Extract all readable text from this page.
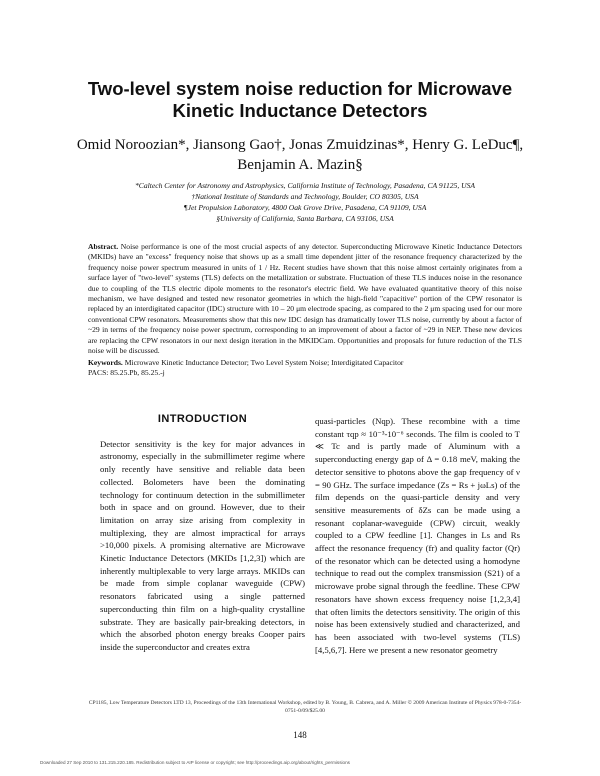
Two-level system noise reduction for Microwave Kinetic Inductance Detectors
Omid Noroozian*, Jiansong Gao†, Jonas Zmuidzinas*, Henry G. LeDuc¶, Benjamin A. Mazin§
*Caltech Center for Astronomy and Astrophysics, California Institute of Technology, Pasadena, CA 91125, USA
†National Institute of Standards and Technology, Boulder, CO 80305, USA
¶Jet Propulsion Laboratory, 4800 Oak Grove Drive, Pasadena, CA 91109, USA
§University of California, Santa Barbara, CA 93106, USA
Abstract. Noise performance is one of the most crucial aspects of any detector. Superconducting Microwave Kinetic Inductance Detectors (MKIDs) have an "excess" frequency noise that shows up as a small time dependent jitter of the resonance frequency characterized by the frequency noise power spectrum measured in units of 1 / Hz. Recent studies have shown that this noise almost certainly originates from a surface layer of "two-level" systems (TLS) defects on the metallization or substrate. Fluctuation of these TLS induces noise in the resonance due to coupling of the TLS electric dipole moments to the resonator's electric field. We have evaluated quantitative theory of this noise mechanism, we have designed and tested new resonator geometries in which the high-field "capacitive" portion of the CPW resonator is replaced by an interdigitated capacitor (IDC) structure with 10 – 20 μm electrode spacing, as compared to the 2 μm spacing used for our more conventional CPW resonators. Measurements show that this new IDC design has dramatically lower TLS noise, currently by about a factor of ~29 in terms of the frequency noise power spectrum, corresponding to an improvement of about a factor of ~29 in NEP. These new devices are replacing the CPW resonators in our next design iteration in the MKIDCam. Opportunities and proposals for future reduction of the TLS noise will be discussed.
Keywords. Microwave Kinetic Inductance Detector; Two Level System Noise; Interdigitated Capacitor
PACS: 85.25.Pb, 85.25.-j
INTRODUCTION
Detector sensitivity is the key for major advances in astronomy, especially in the submillimeter regime where only recently have sensitive and reliable data been collected. Bolometers have been the dominating technology for continuum detection in the submillimeter both in space and on ground. However, due to their limitation on array size arising from complexity in multiplexing, they are almost impractical for arrays >10,000 pixels. A promising alternative are Microwave Kinetic Inductance Detectors (MKIDs [1,2,3]) which are inherently multiplexable to very large arrays. MKIDs can be made from simple coplanar waveguide (CPW) resonators fabricated using a single patterned superconducting thin film on a high-quality crystalline substrate. They are basically pair-breaking detectors, in which the absorbed photon energy breaks Cooper pairs inside the superconductor and creates extra
quasi-particles (Nqp). These recombine with a time constant τqp ≈ 10⁻³-10⁻⁶ seconds. The film is cooled to T ≪ Tc and is partly made of Aluminum with a superconducting energy gap of Δ = 0.18 meV, making the detector sensitive to photons above the gap frequency of ν = 90 GHz. The surface impedance (Zs = Rs + jωLs) of the film depends on the quasi-particle density and very sensitive measurements of δZs can be made using a resonant coplanar-waveguide (CPW) circuit, weakly coupled to a CPW feedline [1]. Changes in Ls and Rs affect the resonance frequency (fr) and quality factor (Qr) of the resonator which can be detected using a homodyne technique to read out the complex transmission (S21) of a microwave probe signal through the feedline. These CPW resonators have shown excess frequency noise [1,2,3,4] that often limits the detectors sensitivity. The origin of this noise has been extensively studied and characterized, and has been associated with two-level systems (TLS) [4,5,6,7]. Here we present a new resonator geometry
CP1185, Low Temperature Detectors LTD 13, Proceedings of the 13th International Workshop, edited by B. Young, B. Cabrera, and A. Miller © 2009 American Institute of Physics 978-0-7354-0751-0/09/$25.00
148
Downloaded 27 Sep 2010 to 131.215.220.185. Redistribution subject to AIP license or copyright; see http://proceedings.aip.org/about/rights_permissions
